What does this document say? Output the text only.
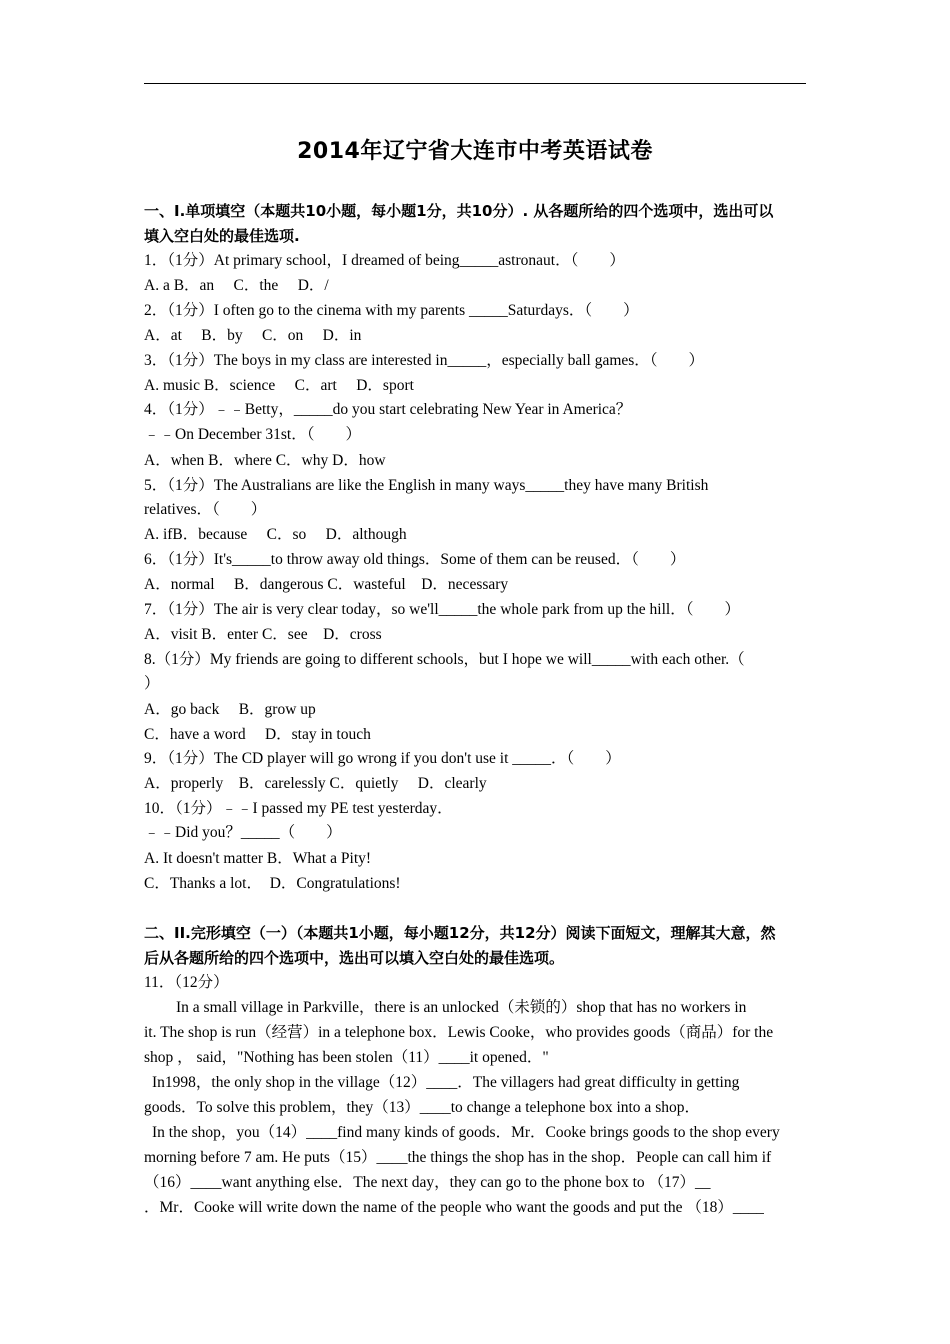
2014年辽宁省大连市中考英语试卷
一、I.单项填空（本题共10小题，每小题1分，共10分）. 从各题所给的四个选项中，选出可以
填入空白处的最佳选项.
1．（1分）At primary school，I dreamed of being_____astronaut．（　　）
A. a B．an　 C．the　 D．/
2．（1分）I often go to the cinema with my parents _____Saturdays．（　　）
A．at　 B．by　 C．on　 D．in
3．（1分）The boys in my class are interested in_____，especially ball games．（　　）
A. music B．science　 C．art　 D．sport
4．（1分）﹣﹣Betty，_____do you start celebrating New Year in America？
﹣﹣On December 31st．（　　）
A．when B．where C．why D．how
5．（1分）The Australians are like the English in many ways_____they have many British
relatives．（　　）
A. ifB．because　 C．so　 D．although
6．（1分）It's_____to throw away old things．Some of them can be reused．（　　）
A．normal　 B．dangerous C．wasteful　D．necessary
7．（1分）The air is very clear today，so we'll_____the whole park from up the hill．（　　）
A．visit B．enter C．see　D．cross
8.（1分）My friends are going to different schools，but I hope we will_____with each other.（
）
A．go back　 B．grow up
C．have a word　 D．stay in touch
9．（1分）The CD player will go wrong if you don't use it _____．（　　）
A．properly　B．carelessly C．quietly　 D．clearly
10．（1分）﹣﹣I passed my PE test yesterday．
﹣﹣Did you？_____（　　）
A. It doesn't matter B．What a Pity!
C．Thanks a lot．　D．Congratulations!
二、II.完形填空（一）（本题共1小题，每小题12分，共12分）阅读下面短文，理解其大意，然
后从各题所给的四个选项中，选出可以填入空白处的最佳选项。
11．（12分）
In a small village in Parkville，there is an unlocked（未锁的）shop that has no workers in
it. The shop is run（经营）in a telephone box．Lewis Cooke，who provides goods（商品）for the
shop ， said，"Nothing has been stolen（11）____it opened．"
In1998，the only shop in the village（12）____．The villagers had great difficulty in getting
goods．To solve this problem，they（13）____to change a telephone box into a shop．
In the shop，you（14）____find many kinds of goods．Mr．Cooke brings goods to the shop every
morning before 7 am. He puts（15）____the things the shop has in the shop．People can call him if
（16）____want anything else．The next day，they can go to the phone box to （17）__
．Mr．Cooke will write down the name of the people who want the goods and put the （18）____
